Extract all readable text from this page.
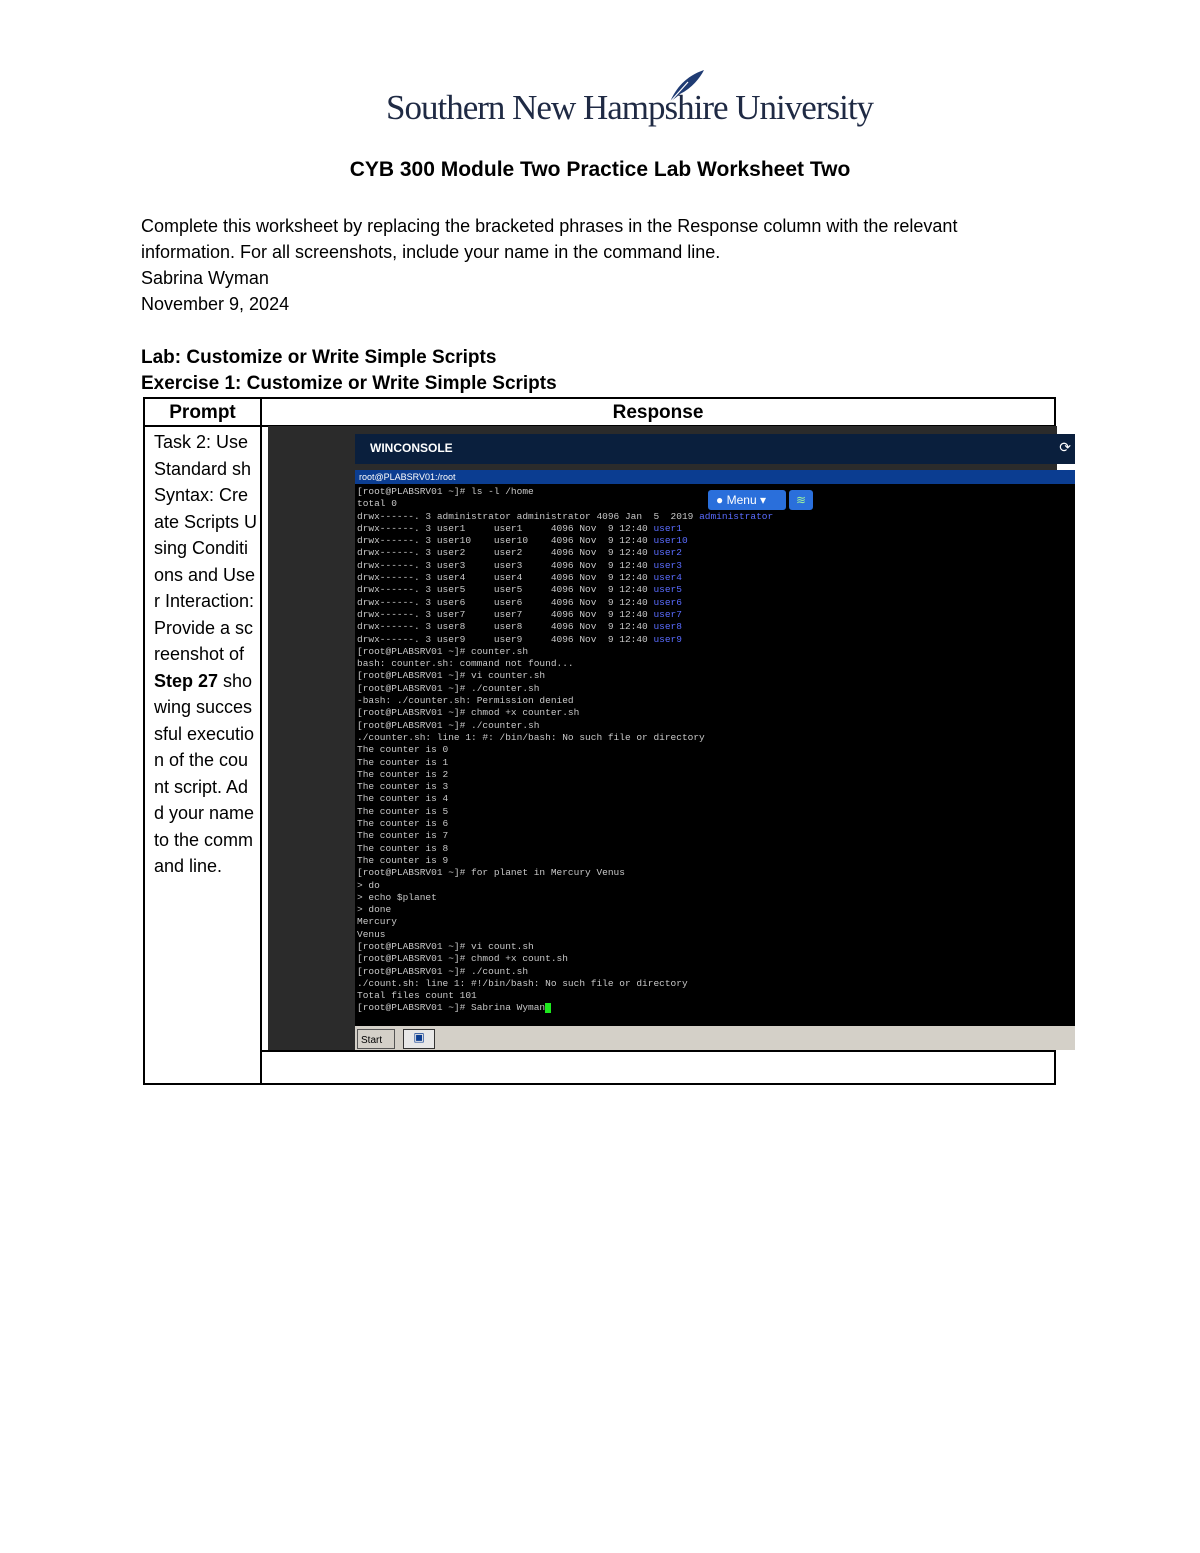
Southern New Hampshire University
CYB 300 Module Two Practice Lab Worksheet Two
Complete this worksheet by replacing the bracketed phrases in the Response column with the relevant
information. For all screenshots, include your name in the command line.
Sabrina Wyman
November 9, 2024
Lab: Customize or Write Simple Scripts
Exercise 1: Customize or Write Simple Scripts
Prompt	Response
Task 2: Use Standard sh Syntax: Create Scripts Using Conditions and User Interaction: Provide a screenshot of Step 27 showing successful execution of the count script. Add your name to the command line.
WINCONSOLE	⟳
root@PLABSRV01:/root
[root@PLABSRV01 ~]# ls -l /home
total 0
drwx------. 3 administrator administrator 4096 Jan  5  2019 administrator
drwx------. 3 user1     user1     4096 Nov  9 12:40 user1
drwx------. 3 user10    user10    4096 Nov  9 12:40 user10
drwx------. 3 user2     user2     4096 Nov  9 12:40 user2
drwx------. 3 user3     user3     4096 Nov  9 12:40 user3
drwx------. 3 user4     user4     4096 Nov  9 12:40 user4
drwx------. 3 user5     user5     4096 Nov  9 12:40 user5
drwx------. 3 user6     user6     4096 Nov  9 12:40 user6
drwx------. 3 user7     user7     4096 Nov  9 12:40 user7
drwx------. 3 user8     user8     4096 Nov  9 12:40 user8
drwx------. 3 user9     user9     4096 Nov  9 12:40 user9
[root@PLABSRV01 ~]# counter.sh
bash: counter.sh: command not found...
[root@PLABSRV01 ~]# vi counter.sh
[root@PLABSRV01 ~]# ./counter.sh
-bash: ./counter.sh: Permission denied
[root@PLABSRV01 ~]# chmod +x counter.sh
[root@PLABSRV01 ~]# ./counter.sh
./counter.sh: line 1: #: /bin/bash: No such file or directory
The counter is 0
The counter is 1
The counter is 2
The counter is 3
The counter is 4
The counter is 5
The counter is 6
The counter is 7
The counter is 8
The counter is 9
[root@PLABSRV01 ~]# for planet in Mercury Venus
> do
> echo $planet
> done
Mercury
Venus
[root@PLABSRV01 ~]# vi count.sh
[root@PLABSRV01 ~]# chmod +x count.sh
[root@PLABSRV01 ~]# ./count.sh
./count.sh: line 1: #!/bin/bash: No such file or directory
Total files count 101
[root@PLABSRV01 ~]# Sabrina Wyman
● Menu ▾	≋
Start	▣
